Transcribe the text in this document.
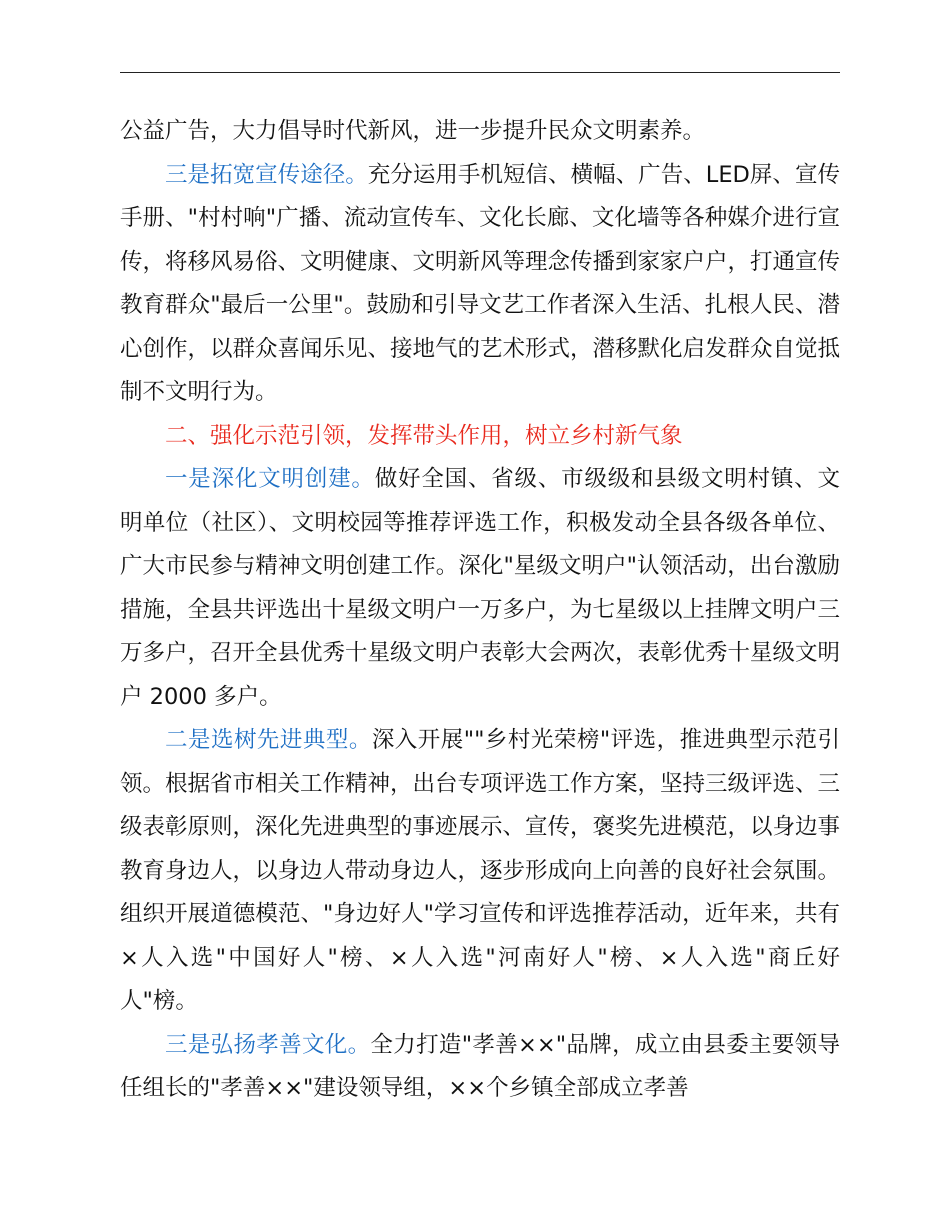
公益广告，大力倡导时代新风，进一步提升民众文明素养。

三是拓宽宣传途径。充分运用手机短信、横幅、广告、LED屏、宣传手册、"村村响"广播、流动宣传车、文化长廊、文化墙等各种媒介进行宣传，将移风易俗、文明健康、文明新风等理念传播到家家户户，打通宣传教育群众"最后一公里"。鼓励和引导文艺工作者深入生活、扎根人民、潜心创作，以群众喜闻乐见、接地气的艺术形式，潜移默化启发群众自觉抵制不文明行为。

二、强化示范引领，发挥带头作用，树立乡村新气象

一是深化文明创建。做好全国、省级、市级级和县级文明村镇、文明单位（社区）、文明校园等推荐评选工作，积极发动全县各级各单位、广大市民参与精神文明创建工作。深化"星级文明户"认领活动，出台激励措施，全县共评选出十星级文明户一万多户，为七星级以上挂牌文明户三万多户，召开全县优秀十星级文明户表彰大会两次，表彰优秀十星级文明户 2000 多户。

二是选树先进典型。深入开展""乡村光荣榜"评选，推进典型示范引领。根据省市相关工作精神，出台专项评选工作方案，坚持三级评选、三级表彰原则，深化先进典型的事迹展示、宣传，褒奖先进模范，以身边事教育身边人，以身边人带动身边人，逐步形成向上向善的良好社会氛围。组织开展道德模范、"身边好人"学习宣传和评选推荐活动，近年来，共有×人入选"中国好人"榜、×人入选"河南好人"榜、×人入选"商丘好人"榜。

三是弘扬孝善文化。全力打造"孝善××"品牌，成立由县委主要领导任组长的"孝善××"建设领导组，××个乡镇全部成立孝善
